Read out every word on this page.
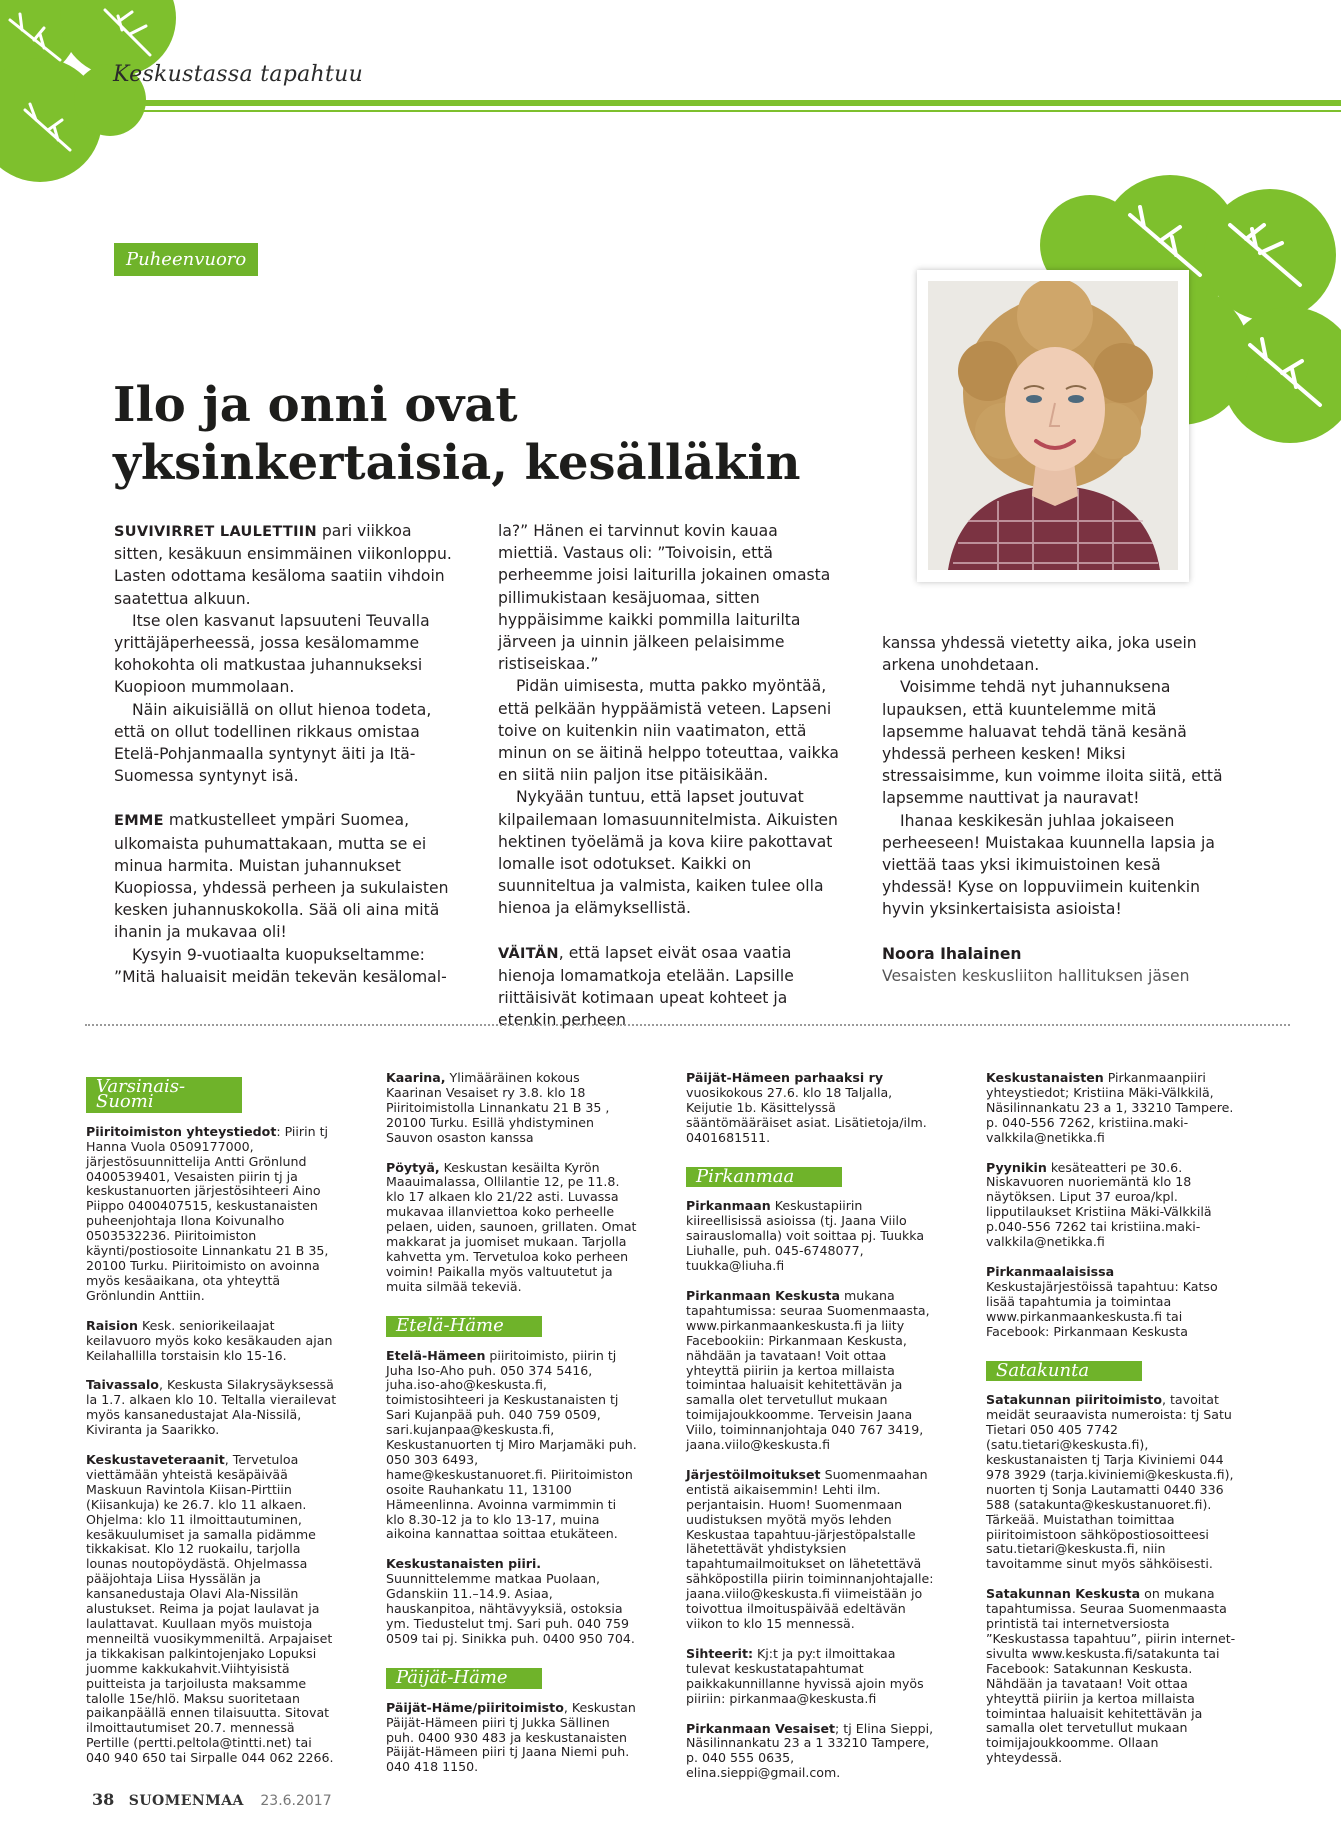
Keskustassa tapahtuu
Puheenvuoro
Ilo ja onni ovat
yksinkertaisia, kesälläkin

SUVIVIRRET LAULETTIIN pari viikkoa sitten, kesäkuun ensimmäinen viikonloppu. Lasten odottama kesäloma saatiin vihdoin saatettua alkuun.

Itse olen kasvanut lapsuuteni Teuvalla yrittäjäperheessä, jossa kesälomamme kohokohta oli matkustaa juhannukseksi Kuopioon mummolaan.

Näin aikuisiällä on ollut hienoa todeta, että on ollut todellinen rikkaus omistaa Etelä-Pohjanmaalla syntynyt äiti ja Itä-Suomessa syntynyt isä.

EMME matkustelleet ympäri Suomea, ulkomaista puhumattakaan, mutta se ei minua harmita. Muistan juhannukset Kuopiossa, yhdessä perheen ja sukulaisten kesken juhannuskokolla. Sää oli aina mitä ihanin ja mukavaa oli!

Kysyin 9-vuotiaalta kuopukseltamme: ”Mitä haluaisit meidän tekevän kesälomal-

la?” Hänen ei tarvinnut kovin kauaa miettiä. Vastaus oli: ”Toivoisin, että perheemme joisi laiturilla jokainen omasta pillimukistaan kesäjuomaa, sitten hyppäisimme kaikki pommilla laiturilta järveen ja uinnin jälkeen pelaisimme ristiseiskaa.”

Pidän uimisesta, mutta pakko myöntää, että pelkään hyppäämistä veteen. Lapseni toive on kuitenkin niin vaatimaton, että minun on se äitinä helppo toteuttaa, vaikka en siitä niin paljon itse pitäisikään.

Nykyään tuntuu, että lapset joutuvat kilpailemaan lomasuunnitelmista. Aikuisten hektinen työelämä ja kova kiire pakottavat lomalle isot odotukset. Kaikki on suunniteltua ja valmista, kaiken tulee olla hienoa ja elämyksellistä.

VÄITÄN, että lapset eivät osaa vaatia hienoja lomamatkoja etelään. Lapsille riittäisivät kotimaan upeat kohteet ja etenkin perheen

kanssa yhdessä vietetty aika, joka usein arkena unohdetaan.

Voisimme tehdä nyt juhannuksena lupauksen, että kuuntelemme mitä lapsemme haluavat tehdä tänä kesänä yhdessä perheen kesken! Miksi stressaisimme, kun voimme iloita siitä, että lapsemme nauttivat ja nauravat!

Ihanaa keskikesän juhlaa jokaiseen perheeseen! Muistakaa kuunnella lapsia ja viettää taas yksi ikimuistoinen kesä yhdessä! Kyse on loppuviimein kuitenkin hyvin yksinkertaisista asioista!

Noora Ihalainen

Vesaisten keskusliiton hallituksen jäsen

Varsinais-Suomi

Piiritoimiston yhteystiedot: Piirin tj Hanna Vuola 0509177000, järjestösuunnittelija Antti Grönlund 0400539401, Vesaisten piirin tj ja keskustanuorten järjestösihteeri Aino Piippo 0400407515, keskustanaisten puheenjohtaja Ilona Koivunalho 0503532236. Piiritoimiston käynti/postiosoite Linnankatu 21 B 35, 20100 Turku. Piiritoimisto on avoinna myös kesäaikana, ota yhteyttä Grönlundin Anttiin.

Raision Kesk. seniorikeilaajat keilavuoro myös koko kesäkauden ajan Keilahallilla torstaisin klo 15-16.

Taivassalo, Keskusta Silakrysäyksessä la 1.7. alkaen klo 10. Teltalla vierailevat myös kansanedustajat Ala-Nissilä, Kiviranta ja Saarikko.

Keskustaveteraanit, Tervetuloa viettämään yhteistä kesäpäivää Maskuun Ravintola Kiisan-Pirttiin (Kiisankuja) ke 26.7. klo 11 alkaen. Ohjelma: klo 11 ilmoittautuminen, kesäkuulumiset ja samalla pidämme tikkakisat. Klo 12 ruokailu, tarjolla lounas noutopöydästä. Ohjelmassa pääjohtaja Liisa Hyssälän ja kansanedustaja Olavi Ala-Nissilän alustukset. Reima ja pojat laulavat ja laulattavat. Kuullaan myös muistoja menneiltä vuosikymmeniltä. Arpajaiset ja tikkakisan palkintojenjako Lopuksi juomme kakkukahvit.Viihtyisistä puitteista ja tarjoilusta maksamme talolle 15e/hlö. Maksu suoritetaan paikanpäällä ennen tilaisuutta. Sitovat ilmoittautumiset 20.7. mennessä Pertille (pertti.peltola@tintti.net) tai 040 940 650 tai Sirpalle 044 062 2266.

Kaarina, Ylimääräinen kokous Kaarinan Vesaiset ry 3.8. klo 18 Piiritoimistolla Linnankatu 21 B 35 , 20100 Turku. Esillä yhdistyminen Sauvon osaston kanssa

Pöytyä, Keskustan kesäilta Kyrön Maauimalassa, Ollilantie 12, pe 11.8. klo 17 alkaen klo 21/22 asti. Luvassa mukavaa illanviettoa koko perheelle pelaen, uiden, saunoen, grillaten. Omat makkarat ja juomiset mukaan. Tarjolla kahvetta ym. Tervetuloa koko perheen voimin! Paikalla myös valtuutetut ja muita silmää tekeviä.

Etelä-Häme

Etelä-Hämeen piiritoimisto, piirin tj Juha Iso-Aho puh. 050 374 5416, juha.iso-aho@keskusta.fi, toimistosihteeri ja Keskustanaisten tj Sari Kujanpää puh. 040 759 0509, sari.kujanpaa@keskusta.fi, Keskustanuorten tj Miro Marjamäki puh. 050 303 6493, hame@keskustanuoret.fi. Piiritoimiston osoite Rauhankatu 11, 13100 Hämeenlinna. Avoinna varmimmin ti klo 8.30-12 ja to klo 13-17, muina aikoina kannattaa soittaa etukäteen.

Keskustanaisten piiri. Suunnittelemme matkaa Puolaan, Gdanskiin 11.–14.9. Asiaa, hauskanpitoa, nähtävyyksiä, ostoksia ym. Tiedustelut tmj. Sari puh. 040 759 0509 tai pj. Sinikka puh. 0400 950 704.

Päijät-Häme

Päijät-Häme/piiritoimisto, Keskustan Päijät-Hämeen piiri tj Jukka Sällinen puh. 0400 930 483 ja keskustanaisten Päijät-Hämeen piiri tj Jaana Niemi puh. 040 418 1150.

Päijät-Hämeen parhaaksi ry vuosikokous 27.6. klo 18 Taljalla, Keijutie 1b. Käsittelyssä sääntömääräiset asiat. Lisätietoja/ilm. 0401681511.

Pirkanmaa

Pirkanmaan Keskustapiirin kiireellisissä asioissa (tj. Jaana Viilo sairauslomalla) voit soittaa pj. Tuukka Liuhalle, puh. 045-6748077, tuukka@liuha.fi

Pirkanmaan Keskusta mukana tapahtumissa: seuraa Suomenmaasta, www.pirkanmaankeskusta.fi ja liity Facebookiin: Pirkanmaan Keskusta, nähdään ja tavataan! Voit ottaa yhteyttä piiriin ja kertoa millaista toimintaa haluaisit kehitettävän ja samalla olet tervetullut mukaan toimijajoukkoomme. Terveisin Jaana Viilo, toiminnanjohtaja 040 767 3419, jaana.viilo@keskusta.fi

Järjestöilmoitukset Suomenmaahan entistä aikaisemmin! Lehti ilm. perjantaisin. Huom! Suomenmaan uudistuksen myötä myös lehden Keskustaa tapahtuu-järjestöpalstalle lähetettävät yhdistyksien tapahtumailmoitukset on lähetettävä sähköpostilla piirin toiminnanjohtajalle: jaana.viilo@keskusta.fi viimeistään jo toivottua ilmoituspäivää edeltävän viikon to klo 15 mennessä.

Sihteerit: Kj:t ja py:t ilmoittakaa tulevat keskustatapahtumat paikkakunnillanne hyvissä ajoin myös piiriin: pirkanmaa@keskusta.fi

Pirkanmaan Vesaiset; tj Elina Sieppi, Näsilinnankatu 23 a 1 33210 Tampere, p. 040 555 0635, elina.sieppi@gmail.com.

Keskustanaisten Pirkanmaanpiiri yhteystiedot; Kristiina Mäki-Välkkilä, Näsilinnankatu 23 a 1, 33210 Tampere. p. 040-556 7262, kristiina.maki-valkkila@netikka.fi

Pyynikin kesäteatteri pe 30.6. Niskavuoren nuoriemäntä klo 18 näytöksen. Liput 37 euroa/kpl. lipputilaukset Kristiina Mäki-Välkkilä p.040-556 7262 tai kristiina.maki-valkkila@netikka.fi

Pirkanmaalaisissa Keskustajärjestöissä tapahtuu: Katso lisää tapahtumia ja toimintaa www.pirkanmaankeskusta.fi tai Facebook: Pirkanmaan Keskusta

Satakunta

Satakunnan piiritoimisto, tavoitat meidät seuraavista numeroista: tj Satu Tietari 050 405 7742 (satu.tietari@keskusta.fi), keskustanaisten tj Tarja Kiviniemi 044 978 3929 (tarja.kiviniemi@keskusta.fi), nuorten tj Sonja Lautamatti 0440 336 588 (satakunta@keskustanuoret.fi).

Tärkeää. Muistathan toimittaa piiritoimistoon sähköpostiosoitteesi satu.tietari@keskusta.fi, niin tavoitamme sinut myös sähköisesti.

Satakunnan Keskusta on mukana tapahtumissa. Seuraa Suomenmaasta printistä tai internetversiosta ”Keskustassa tapahtuu”, piirin internet-sivulta www.keskusta.fi/satakunta tai Facebook: Satakunnan Keskusta. Nähdään ja tavataan! Voit ottaa yhteyttä piiriin ja kertoa millaista toimintaa haluaisit kehitettävän ja samalla olet tervetullut mukaan toimijajoukkoomme. Ollaan yhteydessä.

38 SUOMENMAA 23.6.2017
